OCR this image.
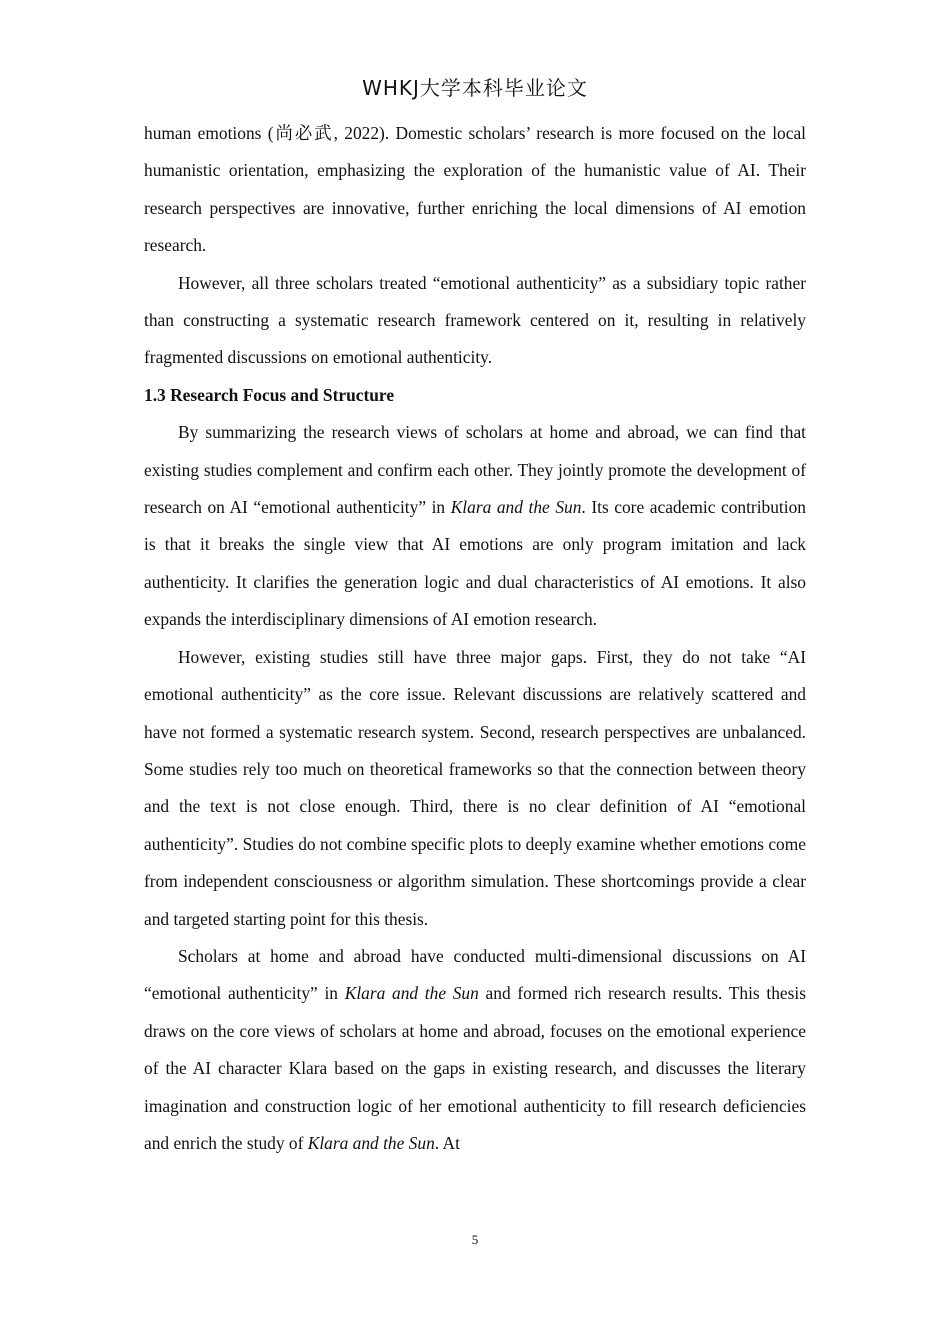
WHKJ大学本科毕业论文

human emotions (尚必武, 2022). Domestic scholars’ research is more focused on the local humanistic orientation, emphasizing the exploration of the humanistic value of AI. Their research perspectives are innovative, further enriching the local dimensions of AI emotion research.

However, all three scholars treated “emotional authenticity” as a subsidiary topic rather than constructing a systematic research framework centered on it, resulting in relatively fragmented discussions on emotional authenticity.

1.3 Research Focus and Structure

By summarizing the research views of scholars at home and abroad, we can find that existing studies complement and confirm each other. They jointly promote the development of research on AI “emotional authenticity” in Klara and the Sun. Its core academic contribution is that it breaks the single view that AI emotions are only program imitation and lack authenticity. It clarifies the generation logic and dual characteristics of AI emotions. It also expands the interdisciplinary dimensions of AI emotion research.

However, existing studies still have three major gaps. First, they do not take “AI emotional authenticity” as the core issue. Relevant discussions are relatively scattered and have not formed a systematic research system. Second, research perspectives are unbalanced. Some studies rely too much on theoretical frameworks so that the connection between theory and the text is not close enough. Third, there is no clear definition of AI “emotional authenticity”. Studies do not combine specific plots to deeply examine whether emotions come from independent consciousness or algorithm simulation. These shortcomings provide a clear and targeted starting point for this thesis.

Scholars at home and abroad have conducted multi-dimensional discussions on AI “emotional authenticity” in Klara and the Sun and formed rich research results. This thesis draws on the core views of scholars at home and abroad, focuses on the emotional experience of the AI character Klara based on the gaps in existing research, and discusses the literary imagination and construction logic of her emotional authenticity to fill research deficiencies and enrich the study of Klara and the Sun. At

5
